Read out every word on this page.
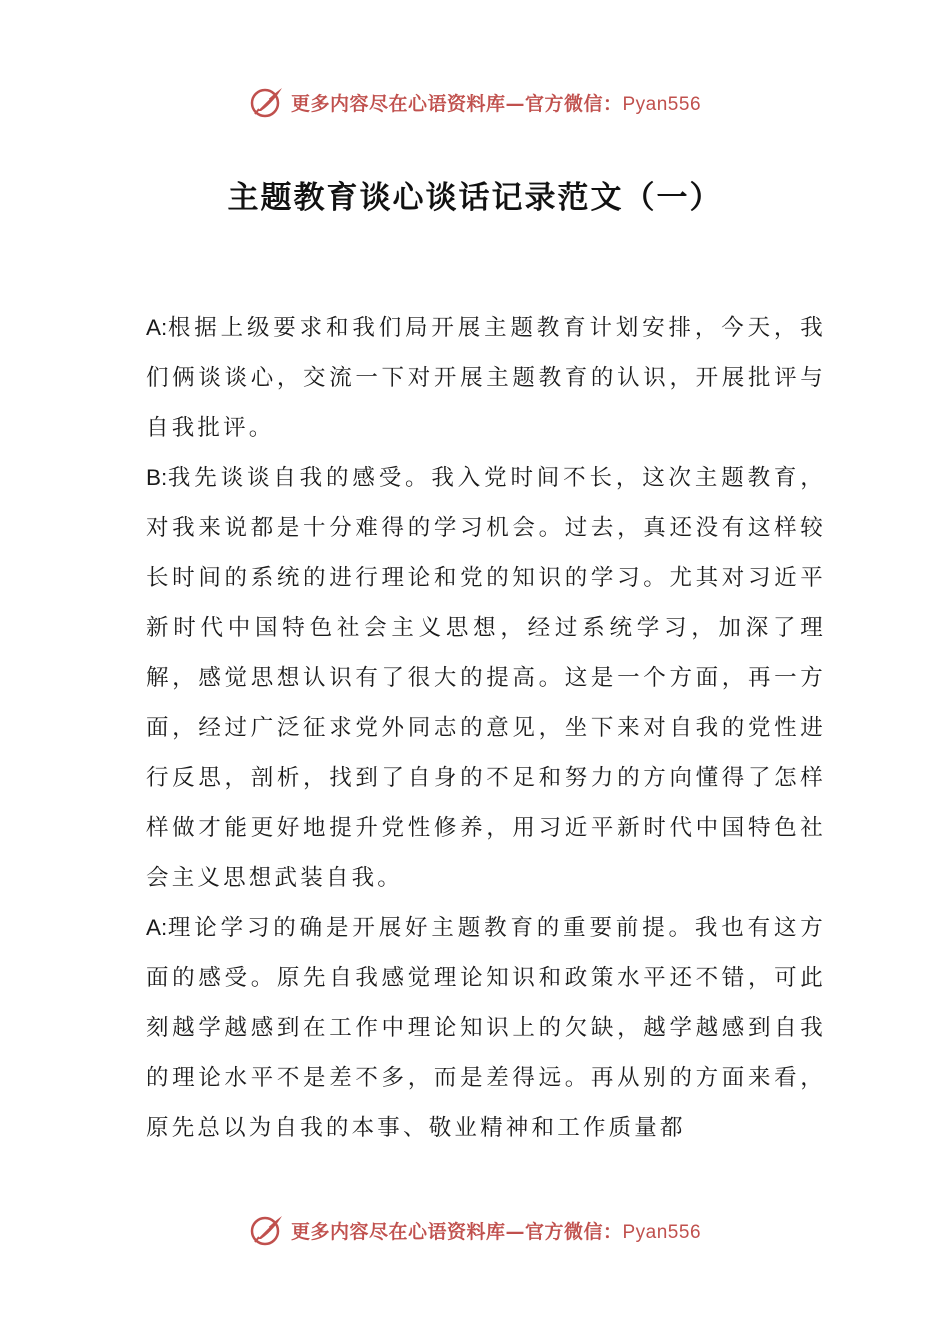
更多内容尽在心语资料库—官方微信：Pyan556
主题教育谈心谈话记录范文（一）

A:根据上级要求和我们局开展主题教育计划安排，今天，我们俩谈谈心，交流一下对开展主题教育的认识，开展批评与自我批评。

B:我先谈谈自我的感受。我入党时间不长，这次主题教育，对我来说都是十分难得的学习机会。过去，真还没有这样较长时间的系统的进行理论和党的知识的学习。尤其对习近平新时代中国特色社会主义思想，经过系统学习，加深了理解，感觉思想认识有了很大的提高。这是一个方面，再一方面，经过广泛征求党外同志的意见，坐下来对自我的党性进行反思，剖析，找到了自身的不足和努力的方向懂得了怎样样做才能更好地提升党性修养，用习近平新时代中国特色社会主义思想武装自我。

A:理论学习的确是开展好主题教育的重要前提。我也有这方面的感受。原先自我感觉理论知识和政策水平还不错，可此刻越学越感到在工作中理论知识上的欠缺，越学越感到自我的理论水平不是差不多，而是差得远。再从别的方面来看，原先总以为自我的本事、敬业精神和工作质量都

更多内容尽在心语资料库—官方微信：Pyan556
